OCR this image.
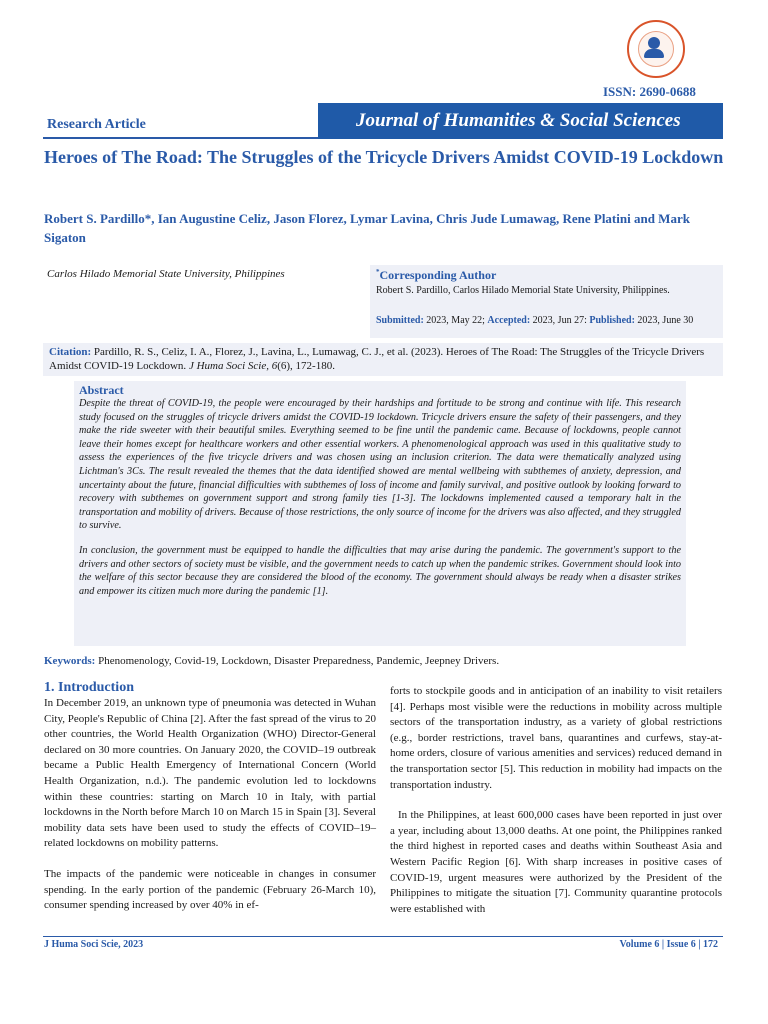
ISSN: 2690-0688
Research Article	Journal of Humanities & Social Sciences
Heroes of The Road: The Struggles of the Tricycle Drivers Amidst COVID-19 Lockdown
Robert S. Pardillo*, Ian Augustine Celiz, Jason Florez, Lymar Lavina, Chris Jude Lumawag, Rene Platini and Mark Sigaton
Carlos Hilado Memorial State University, Philippines	*Corresponding Author
Robert S. Pardillo, Carlos Hilado Memorial State University, Philippines.
Submitted: 2023, May 22; Accepted: 2023, Jun 27: Published: 2023, June 30
Citation: Pardillo, R. S., Celiz, I. A., Florez, J., Lavina, L., Lumawag, C. J., et al. (2023). Heroes of The Road: The Struggles of the Tricycle Drivers Amidst COVID-19 Lockdown. J Huma Soci Scie, 6(6), 172-180.
Abstract

Despite the threat of COVID-19, the people were encouraged by their hardships and fortitude to be strong and continue with life. This research study focused on the struggles of tricycle drivers amidst the COVID-19 lockdown. Tricycle drivers ensure the safety of their passengers, and they make the ride sweeter with their beautiful smiles. Everything seemed to be fine until the pandemic came. Because of lockdowns, people cannot leave their homes except for healthcare workers and other essential workers. A phenomenological approach was used in this qualitative study to assess the experiences of the five tricycle drivers and was chosen using an inclusion criterion. The data were thematically analyzed using Lichtman's 3Cs. The result revealed the themes that the data identified showed are mental wellbeing with subthemes of anxiety, depression, and uncertainty about the future, financial difficulties with subthemes of loss of income and family survival, and positive outlook by looking forward to recovery with subthemes on government support and strong family ties [1-3]. The lockdowns implemented caused a temporary halt in the transportation and mobility of drivers. Because of those restrictions, the only source of income for the drivers was also affected, and they struggled to survive.

In conclusion, the government must be equipped to handle the difficulties that may arise during the pandemic. The government's support to the drivers and other sectors of society must be visible, and the government needs to catch up when the pandemic strikes. Government should look into the welfare of this sector because they are considered the blood of the economy. The government should always be ready when a disaster strikes and empower its citizen much more during the pandemic [1].

Keywords: Phenomenology, Covid-19, Lockdown, Disaster Preparedness, Pandemic, Jeepney Drivers.
1. Introduction

In December 2019, an unknown type of pneumonia was detected in Wuhan City, People's Republic of China [2]. After the fast spread of the virus to 20 other countries, the World Health Organization (WHO) Director-General declared on 30 more countries. On January 2020, the COVID–19 outbreak became a Public Health Emergency of International Concern (World Health Organization, n.d.). The pandemic evolution led to lockdowns within these countries: starting on March 10 in Italy, with partial lockdowns in the North before March 10 on March 15 in Spain [3]. Several mobility data sets have been used to study the effects of COVID–19–related lockdowns on mobility patterns.

The impacts of the pandemic were noticeable in changes in consumer spending. In the early portion of the pandemic (February 26-March 10), consumer spending increased by over 40% in ef-

forts to stockpile goods and in anticipation of an inability to visit retailers [4]. Perhaps most visible were the reductions in mobility across multiple sectors of the transportation industry, as a variety of global restrictions (e.g., border restrictions, travel bans, quarantines and curfews, stay-at-home orders, closure of various amenities and services) reduced demand in the transportation sector [5]. This reduction in mobility had impacts on the transportation industry.

In the Philippines, at least 600,000 cases have been reported in just over a year, including about 13,000 deaths. At one point, the Philippines ranked the third highest in reported cases and deaths within Southeast Asia and Western Pacific Region [6]. With sharp increases in positive cases of COVID-19, urgent measures were authorized by the President of the Philippines to mitigate the situation [7]. Community quarantine protocols were established with

J Huma Soci Scie, 2023	Volume 6 | Issue 6 | 172
